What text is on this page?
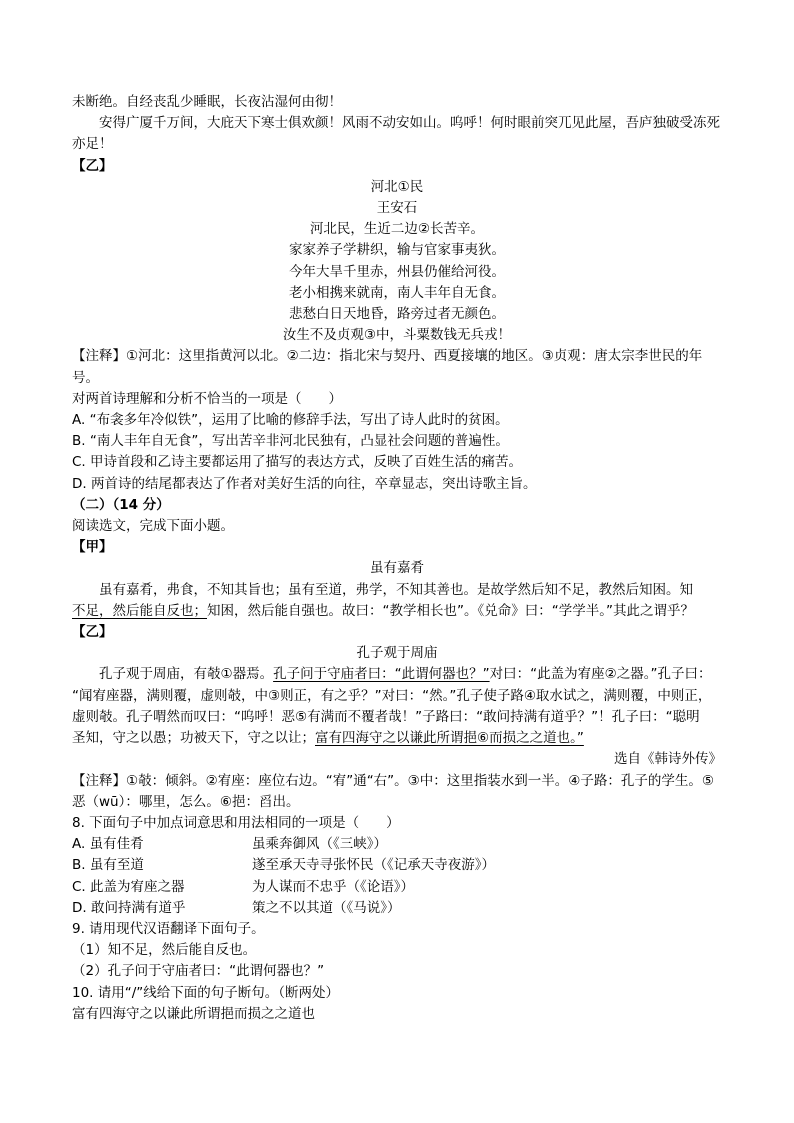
未断绝。自经丧乱少睡眠，长夜沾湿何由彻！

安得广厦千万间，大庇天下寒士俱欢颜！风雨不动安如山。呜呼！何时眼前突兀见此屋，吾庐独破受冻死亦足！

【乙】

河北①民

王安石

河北民，生近二边②长苦辛。

家家养子学耕织，输与官家事夷狄。

今年大旱千里赤，州县仍催给河役。

老小相携来就南，南人丰年自无食。

悲愁白日天地昏，路旁过者无颜色。

汝生不及贞观③中，斗粟数钱无兵戎！

【注释】①河北：这里指黄河以北。②二边：指北宋与契丹、西夏接壤的地区。③贞观：唐太宗李世民的年号。

对两首诗理解和分析不恰当的一项是（　　）

A. “布衾多年冷似铁”，运用了比喻的修辞手法，写出了诗人此时的贫困。

B. “南人丰年自无食”，写出苦辛非河北民独有，凸显社会问题的普遍性。

C. 甲诗首段和乙诗主要都运用了描写的表达方式，反映了百姓生活的痛苦。

D. 两首诗的结尾都表达了作者对美好生活的向往，卒章显志，突出诗歌主旨。

（二）（14 分）

阅读选文，完成下面小题。

【甲】

虽有嘉肴

虽有嘉肴，弗食，不知其旨也；虽有至道，弗学，不知其善也。是故学然后知不足，教然后知困。知

不足，然后能自反也；知困，然后能自强也。故曰：“教学相长也”。《兑命》曰：“学学半。”其此之谓乎？

【乙】

孔子观于周庙

孔子观于周庙，有攲①器焉。孔子问于守庙者曰：“此谓何器也？”对曰：“此盖为宥座②之器。”孔子曰：

“闻宥座器，满则覆，虚则攲，中③则正，有之乎？”对曰：“然。”孔子使子路④取水试之，满则覆，中则正，

虚则攲。孔子喟然而叹曰：“呜呼！恶⑤有满而不覆者哉！”子路曰：“敢问持满有道乎？”！孔子曰：“聪明

圣知，守之以愚；功被天下，守之以让；富有四海守之以谦此所谓挹⑥而损之之道也。”

选自《韩诗外传》

【注释】①攲：倾斜。②宥座：座位右边。“宥”通“右”。③中：这里指装水到一半。④子路：孔子的学生。⑤恶（wū）：哪里，怎么。⑥挹：舀出。

8. 下面句子中加点词意思和用法相同的一项是（　　）

A. 虽有佳肴	虽乘奔御风（《三峡》）
B. 虽有至道	遂至承天寺寻张怀民（《记承天寺夜游》）
C. 此盖为宥座之器	为人谋而不忠乎（《论语》）
D. 敢问持满有道乎	策之不以其道（《马说》）

9. 请用现代汉语翻译下面句子。

（1）知不足，然后能自反也。

（2）孔子问于守庙者曰：“此谓何器也？”

10. 请用“/”线给下面的句子断句。（断两处）

富有四海守之以谦此所谓挹而损之之道也
